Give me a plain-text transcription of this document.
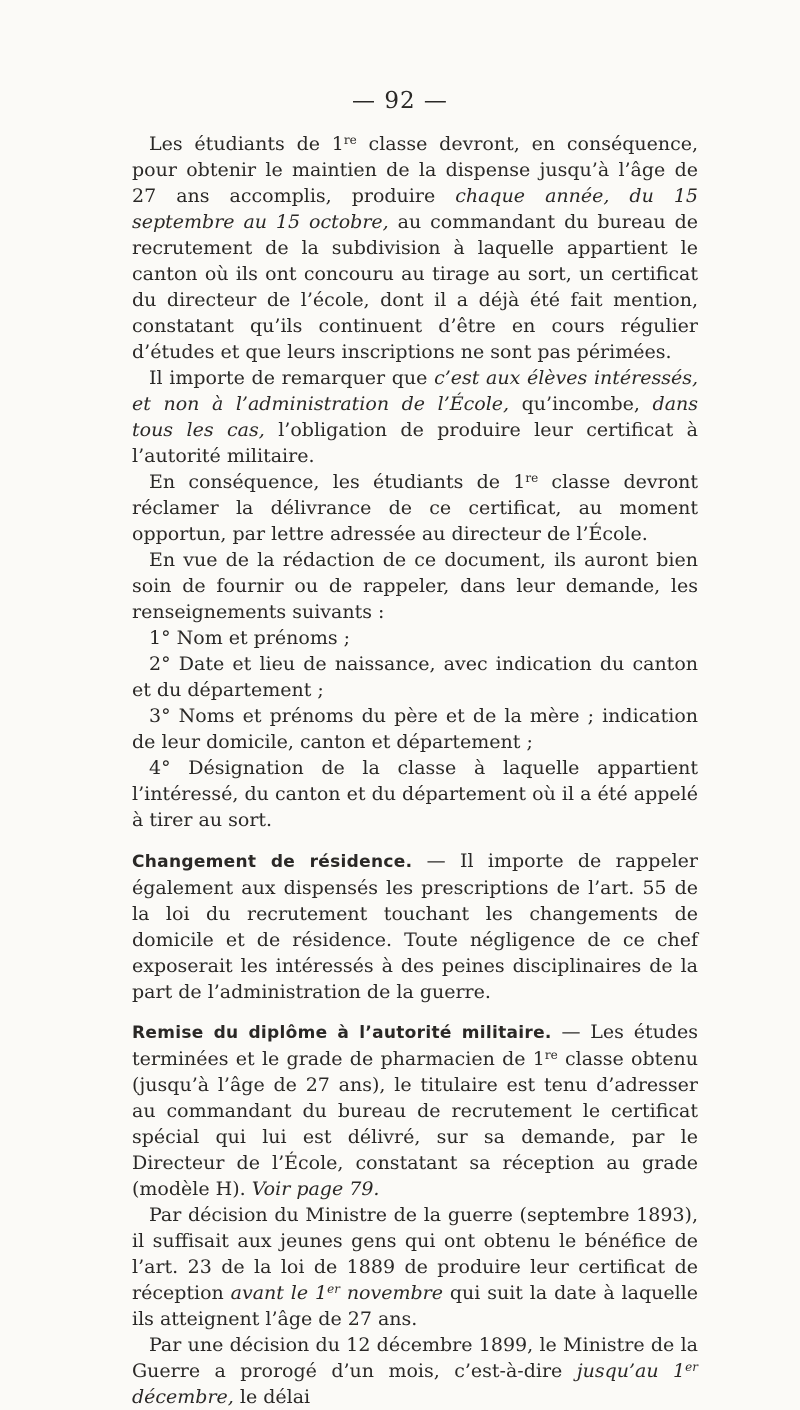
— 92 —

Les étudiants de 1re classe devront, en conséquence, pour obtenir le maintien de la dispense jusqu’à l’âge de 27 ans accomplis, produire chaque année, du 15 septembre au 15 octobre, au commandant du bureau de recrutement de la subdivision à laquelle appartient le canton où ils ont concouru au tirage au sort, un certificat du directeur de l’école, dont il a déjà été fait mention, constatant qu’ils continuent d’être en cours régulier d’études et que leurs inscriptions ne sont pas périmées.

Il importe de remarquer que c’est aux élèves intéressés, et non à l’administration de l’École, qu’incombe, dans tous les cas, l’obligation de produire leur certificat à l’autorité militaire.

En conséquence, les étudiants de 1re classe devront réclamer la délivrance de ce certificat, au moment opportun, par lettre adressée au directeur de l’École.

En vue de la rédaction de ce document, ils auront bien soin de fournir ou de rappeler, dans leur demande, les renseignements suivants :

1° Nom et prénoms ;

2° Date et lieu de naissance, avec indication du canton et du département ;

3° Noms et prénoms du père et de la mère ; indication de leur domicile, canton et département ;

4° Désignation de la classe à laquelle appartient l’intéressé, du canton et du département où il a été appelé à tirer au sort.

Changement de résidence. — Il importe de rappeler également aux dispensés les prescriptions de l’art. 55 de la loi du recrutement touchant les changements de domicile et de résidence. Toute négligence de ce chef exposerait les intéressés à des peines disciplinaires de la part de l’administration de la guerre.

Remise du diplôme à l’autorité militaire. — Les études terminées et le grade de pharmacien de 1re classe obtenu (jusqu’à l’âge de 27 ans), le titulaire est tenu d’adresser au commandant du bureau de recrutement le certificat spécial qui lui est délivré, sur sa demande, par le Directeur de l’École, constatant sa réception au grade (modèle H). Voir page 79.

Par décision du Ministre de la guerre (septembre 1893), il suffisait aux jeunes gens qui ont obtenu le bénéfice de l’art. 23 de la loi de 1889 de produire leur certificat de réception avant le 1er novembre qui suit la date à laquelle ils atteignent l’âge de 27 ans.

Par une décision du 12 décembre 1899, le Ministre de la Guerre a prorogé d’un mois, c’est-à-dire jusqu’au 1er décembre, le délai
